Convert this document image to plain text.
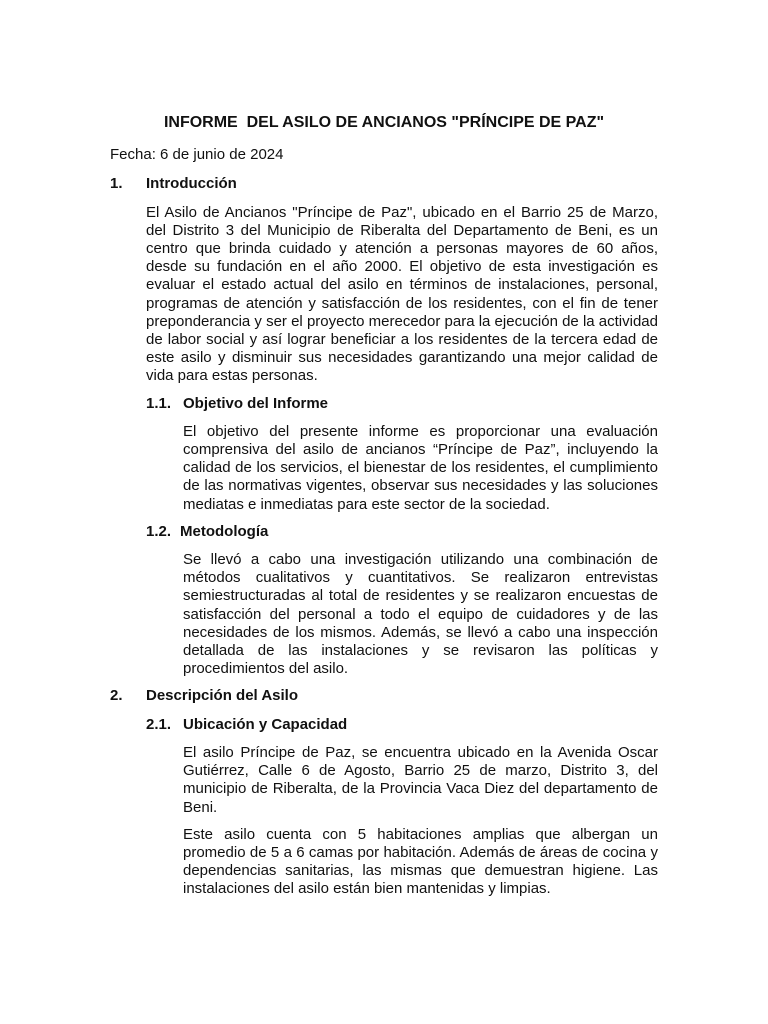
INFORME  DEL ASILO DE ANCIANOS "PRÍNCIPE DE PAZ"
Fecha: 6 de junio de 2024
1.	Introducción

El Asilo de Ancianos "Príncipe de Paz", ubicado en el Barrio 25 de Marzo, del Distrito 3 del Municipio de Riberalta del Departamento de Beni, es un centro que brinda cuidado y atención a personas mayores de 60 años, desde su fundación en el año 2000. El objetivo de esta investigación es evaluar el estado actual del asilo en términos de instalaciones, personal, programas de atención y satisfacción de los residentes, con el fin de tener preponderancia y ser el proyecto merecedor para la ejecución de la actividad de labor social y así lograr beneficiar a los residentes de la tercera edad de este asilo y disminuir sus necesidades garantizando una mejor calidad de vida para estas personas.

1.1. Objetivo del Informe

El objetivo del presente informe es proporcionar una evaluación comprensiva del asilo de ancianos “Príncipe de Paz”, incluyendo la calidad de los servicios, el bienestar de los residentes, el cumplimiento de las normativas vigentes, observar sus necesidades y las soluciones mediatas e inmediatas para este sector de la sociedad.

1.2. Metodología

Se llevó a cabo una investigación utilizando una combinación de métodos cualitativos y cuantitativos. Se realizaron entrevistas semiestructuradas al total de residentes y se realizaron encuestas de satisfacción del personal a todo el equipo de cuidadores y de las necesidades de los mismos. Además, se llevó a cabo una inspección detallada de las instalaciones y se revisaron las políticas y procedimientos del asilo.

2.	Descripción del Asilo
2.1. Ubicación y Capacidad

El asilo Príncipe de Paz, se encuentra ubicado en la Avenida Oscar Gutiérrez, Calle 6 de Agosto, Barrio 25 de marzo, Distrito 3, del municipio de Riberalta, de la Provincia Vaca Diez del departamento de Beni.

Este asilo cuenta con 5 habitaciones amplias que albergan un promedio de 5 a 6 camas por habitación. Además de áreas de cocina y dependencias sanitarias, las mismas que demuestran higiene. Las instalaciones del asilo están bien mantenidas y limpias.
